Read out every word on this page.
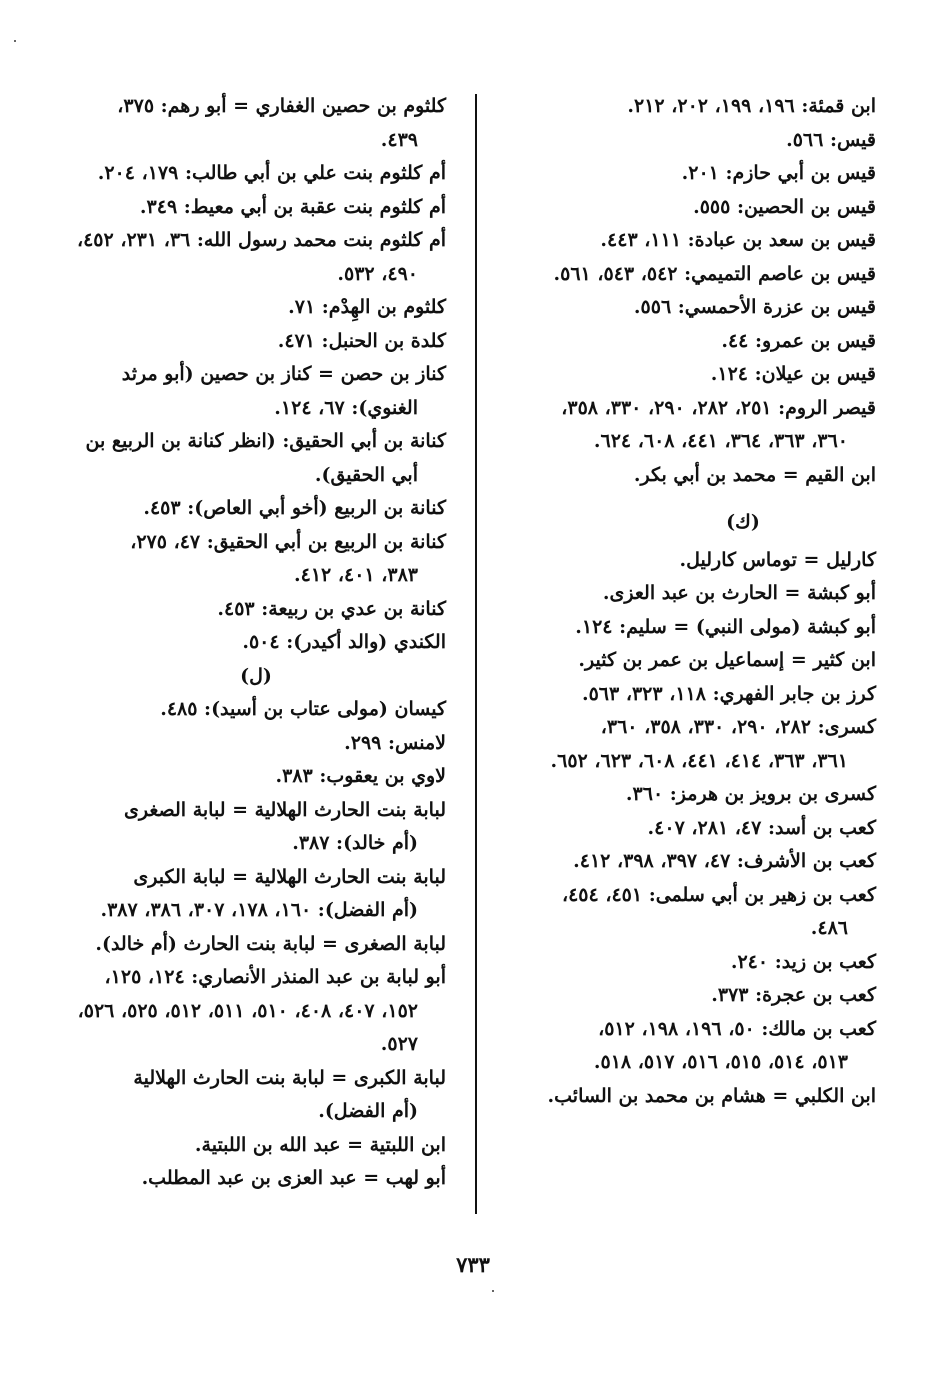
ابن قمئة: ١٩٦، ١٩٩، ٢٠٢، ٢١٢.

قيس: ٥٦٦.

قيس بن أبي حازم: ٢٠١.

قيس بن الحصين: ٥٥٥.

قيس بن سعد بن عبادة: ١١١، ٤٤٣.

قيس بن عاصم التميمي: ٥٤٢، ٥٤٣، ٥٦١.

قيس بن عزرة الأحمسي: ٥٥٦.

قيس بن عمرو: ٤٤.

قيس بن عيلان: ١٢٤.

قيصر الروم: ٢٥١، ٢٨٢، ٢٩٠، ٣٣٠، ٣٥٨،
٣٦٠، ٣٦٣، ٣٦٤، ٤٤١، ٦٠٨، ٦٢٤.

ابن القيم = محمد بن أبي بكر.

(ك)

كارليل = توماس كارليل.

أبو كبشة = الحارث بن عبد العزى.

أبو كبشة (مولى النبي) = سليم: ١٢٤.

ابن كثير = إسماعيل بن عمر بن كثير.

كرز بن جابر الفهري: ١١٨، ٣٢٣، ٥٦٣.

كسرى: ٢٨٢، ٢٩٠، ٣٣٠، ٣٥٨، ٣٦٠،
٣٦١، ٣٦٣، ٤١٤، ٤٤١، ٦٠٨، ٦٢٣، ٦٥٢.

كسرى بن برويز بن هرمز: ٣٦٠.

كعب بن أسد: ٤٧، ٢٨١، ٤٠٧.

كعب بن الأشرف: ٤٧، ٣٩٧، ٣٩٨، ٤١٢.

كعب بن زهير بن أبي سلمى: ٤٥١، ٤٥٤،
٤٨٦.

كعب بن زيد: ٢٤٠.

كعب بن عجرة: ٣٧٣.

كعب بن مالك: ٥٠، ١٩٦، ١٩٨، ٥١٢،
٥١٣، ٥١٤، ٥١٥، ٥١٦، ٥١٧، ٥١٨.

ابن الكلبي = هشام بن محمد بن السائب.

كلثوم بن حصين الغفاري = أبو رهم: ٣٧٥،
٤٣٩.

أم كلثوم بنت علي بن أبي طالب: ١٧٩، ٢٠٤.

أم كلثوم بنت عقبة بن أبي معيط: ٣٤٩.

أم كلثوم بنت محمد رسول الله: ٣٦، ٢٣١، ٤٥٢،
٤٩٠، ٥٣٢.

كلثوم بن الهِدْم: ٧١.

كلدة بن الحنبل: ٤٧١.

كناز بن حصن = كناز بن حصين (أبو مرثد
الغنوي): ٦٧، ١٢٤.

كنانة بن أبي الحقيق: (انظر كنانة بن الربيع بن
أبي الحقيق).

كنانة بن الربيع (أخو أبي العاص): ٤٥٣.

كنانة بن الربيع بن أبي الحقيق: ٤٧، ٢٧٥،
٣٨٣، ٤٠١، ٤١٢.

كنانة بن عدي بن ربيعة: ٤٥٣.

الكندي (والد أكيدر): ٥٠٤.

(ل)

كيسان (مولى عتاب بن أسيد): ٤٨٥.

لامنس: ٢٩٩.

لاوي بن يعقوب: ٣٨٣.

لبابة بنت الحارث الهلالية = لبابة الصغرى
(أم خالد): ٣٨٧.

لبابة بنت الحارث الهلالية = لبابة الكبرى
(أم الفضل): ١٦٠، ١٧٨، ٣٠٧، ٣٨٦، ٣٨٧.

لبابة الصغرى = لبابة بنت الحارث (أم خالد).

أبو لبابة بن عبد المنذر الأنصاري: ١٢٤، ١٢٥،
١٥٢، ٤٠٧، ٤٠٨، ٥١٠، ٥١١، ٥١٢، ٥٢٥، ٥٢٦، ٥٢٧.

لبابة الكبرى = لبابة بنت الحارث الهلالية
(أم الفضل).

ابن اللبتية = عبد الله بن اللبتية.

أبو لهب = عبد العزى بن عبد المطلب.

٧٣٣
